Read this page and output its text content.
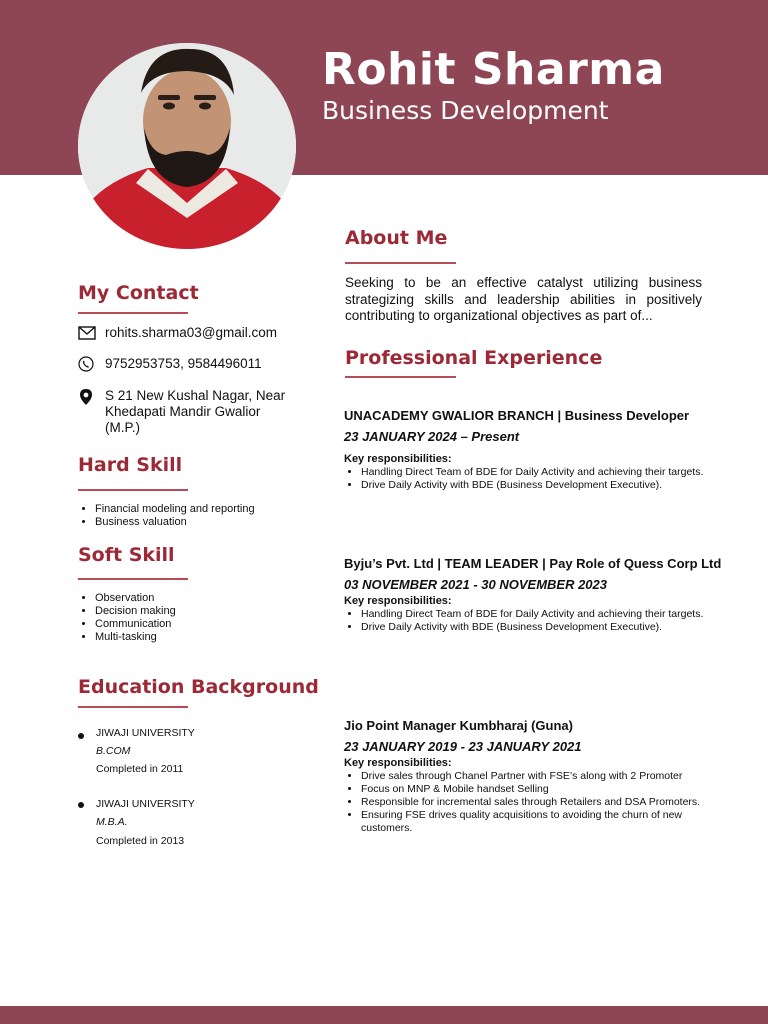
Rohit Sharma
Business Development
My Contact
rohits.sharma03@gmail.com
9752953753, 9584496011
S 21 New Kushal Nagar, Near Khedapati Mandir Gwalior (M.P.)
Hard Skill
• Financial modeling and reporting
• Business valuation
Soft Skill
• Observation
• Decision making
• Communication
• Multi-tasking
Education Background
JIWAJI UNIVERSITY
B.COM
Completed in 2011
JIWAJI UNIVERSITY
M.B.A.
Completed in 2013
About Me
Seeking to be an effective catalyst utilizing business strategizing skills and leadership abilities in positively contributing to organizational objectives as part of...
Professional Experience
UNACADEMY GWALIOR BRANCH | Business Developer
23 JANUARY 2024 – Present
Key responsibilities:
• Handling Direct Team of BDE for Daily Activity and achieving their targets.
• Drive Daily Activity with BDE (Business Development Executive).
Byju’s Pvt. Ltd | TEAM LEADER | Pay Role of Quess Corp Ltd
03 NOVEMBER 2021 - 30 NOVEMBER 2023
Key responsibilities:
• Handling Direct Team of BDE for Daily Activity and achieving their targets.
• Drive Daily Activity with BDE (Business Development Executive).
Jio Point Manager Kumbharaj (Guna)
23 JANUARY 2019 - 23 JANUARY 2021
Key responsibilities:
• Drive sales through Chanel Partner with FSE’s along with 2 Promoter
• Focus on MNP & Mobile handset Selling
• Responsible for incremental sales through Retailers and DSA Promoters.
• Ensuring FSE drives quality acquisitions to avoiding the churn of new customers.
